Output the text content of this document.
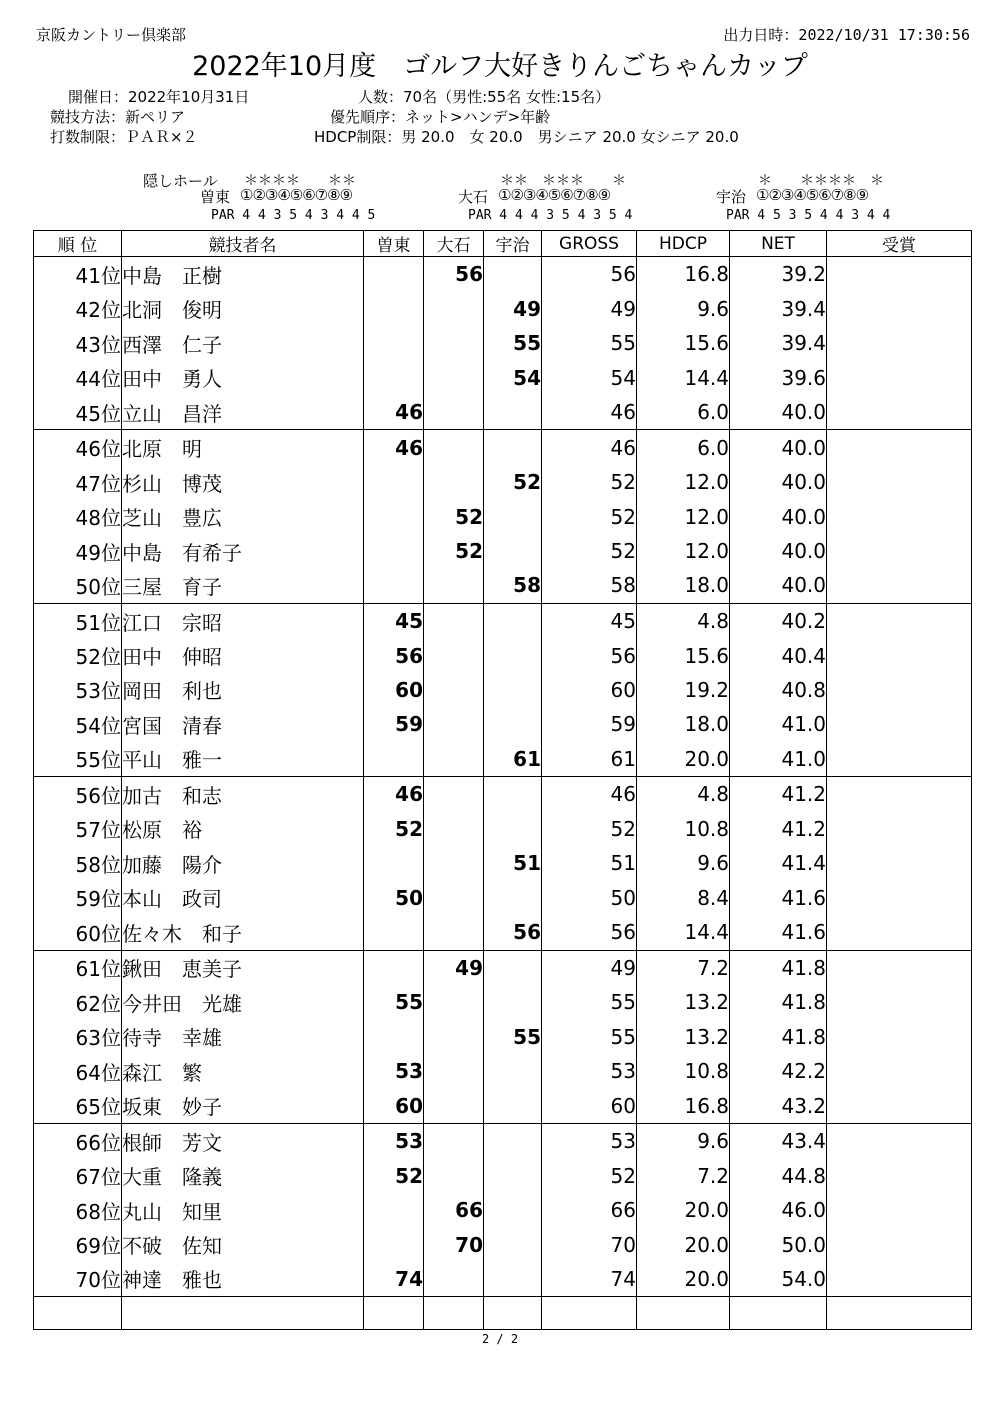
京阪カントリー倶楽部	出力日時：2022/10/31 17:30:56
2022年10月度　ゴルフ大好きりんごちゃんカップ
開催日：2022年10月31日	人数：70名（男性:55名 女性:15名）
競技方法：新ペリア	優先順序：ネット>ハンデ>年齢
打数制限：ＰＡＲ×２	HDCP制限：男 20.0　女 20.0　男シニア 20.0 女シニア 20.0
隠しホール ＊＊＊＊　　＊＊	＊＊　＊＊＊　　＊	＊　　＊＊＊＊　＊
曽東 ①②③④⑤⑥⑦⑧⑨	大石 ①②③④⑤⑥⑦⑧⑨	宇治 ①②③④⑤⑥⑦⑧⑨
PAR 4 4 3 5 4 3 4 4 5	PAR 4 4 4 3 5 4 3 5 4	PAR 4 5 3 5 4 4 3 4 4
順 位	競技者名	曽東	大石	宇治	GROSS	HDCP	NET	受賞
41位	中島　正樹		56		56	16.8	39.2	
42位	北洞　俊明			49	49	9.6	39.4	
43位	西澤　仁子			55	55	15.6	39.4	
44位	田中　勇人			54	54	14.4	39.6	
45位	立山　昌洋	46			46	6.0	40.0	
46位	北原　明	46			46	6.0	40.0	
47位	杉山　博茂			52	52	12.0	40.0	
48位	芝山　豊広		52		52	12.0	40.0	
49位	中島　有希子		52		52	12.0	40.0	
50位	三屋　育子			58	58	18.0	40.0	
51位	江口　宗昭	45			45	4.8	40.2	
52位	田中　伸昭	56			56	15.6	40.4	
53位	岡田　利也	60			60	19.2	40.8	
54位	宮国　清春	59			59	18.0	41.0	
55位	平山　雅一			61	61	20.0	41.0	
56位	加古　和志	46			46	4.8	41.2	
57位	松原　裕	52			52	10.8	41.2	
58位	加藤　陽介			51	51	9.6	41.4	
59位	本山　政司	50			50	8.4	41.6	
60位	佐々木　和子			56	56	14.4	41.6	
61位	鍬田　恵美子		49		49	7.2	41.8	
62位	今井田　光雄	55			55	13.2	41.8	
63位	待寺　幸雄			55	55	13.2	41.8	
64位	森江　繁	53			53	10.8	42.2	
65位	坂東　妙子	60			60	16.8	43.2	
66位	根師　芳文	53			53	9.6	43.4	
67位	大重　隆義	52			52	7.2	44.8	
68位	丸山　知里		66		66	20.0	46.0	
69位	不破　佐知		70		70	20.0	50.0	
70位	神達　雅也	74			74	20.0	54.0	

2 / 2
